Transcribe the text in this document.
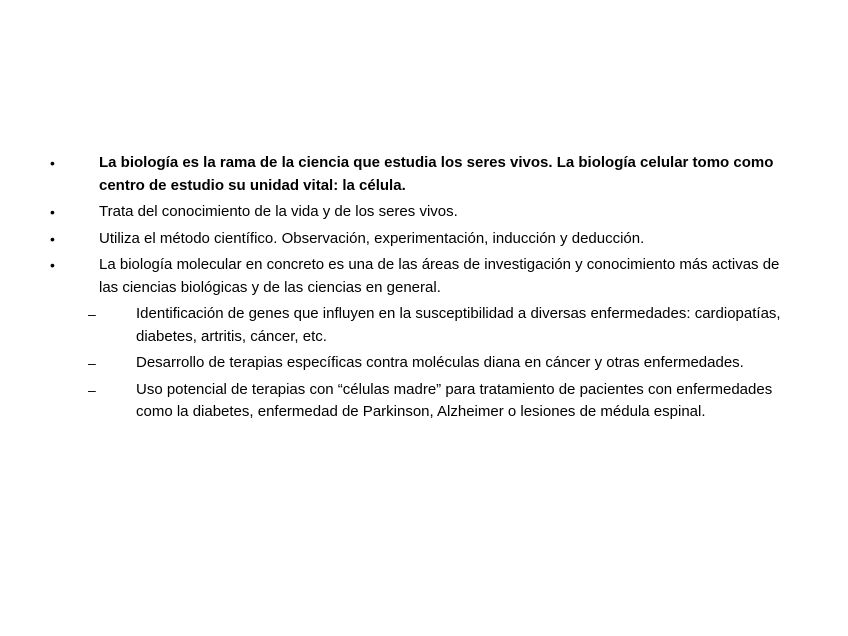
•	La biología es la rama de la ciencia que estudia los seres vivos. La biología celular tomo como centro de estudio su unidad vital: la célula.
•	Trata del conocimiento de la vida y de los seres vivos.
•	Utiliza el método científico. Observación, experimentación, inducción y deducción.
•	La biología molecular en concreto es una de las áreas de investigación y conocimiento más activas de las ciencias biológicas y de las ciencias en general.
–	Identificación de genes que influyen en la susceptibilidad a diversas enfermedades: cardiopatías, diabetes, artritis, cáncer, etc.
–	Desarrollo de terapias específicas contra moléculas diana en cáncer y otras enfermedades.
–	Uso potencial de terapias con “células madre” para tratamiento de pacientes con enfermedades como la diabetes, enfermedad de Parkinson, Alzheimer o lesiones de médula espinal.
